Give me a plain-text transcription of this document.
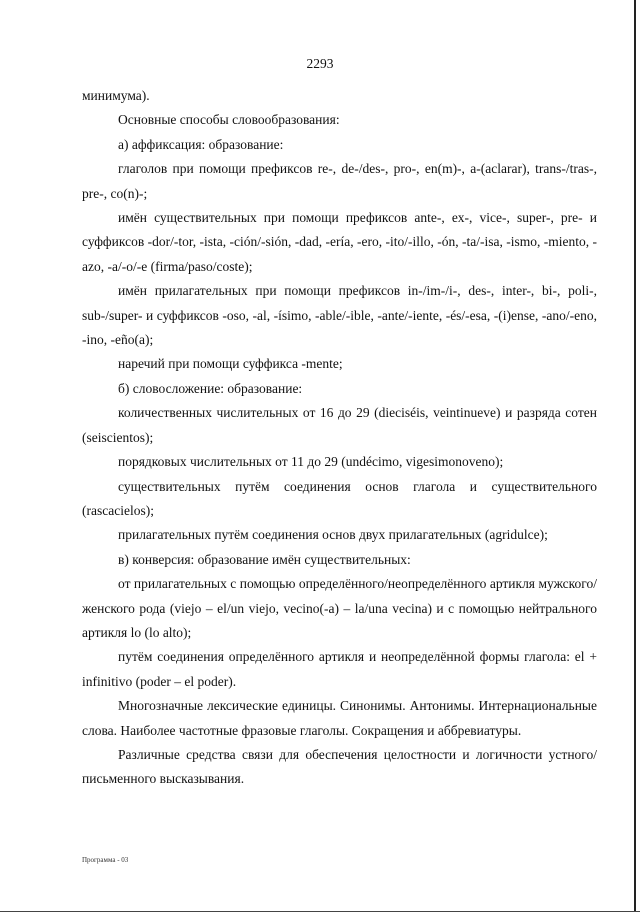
2293

минимума).

Основные способы словообразования:

а) аффиксация: образование:

глаголов при помощи префиксов re-, de-/des-, pro-, en(m)-, a-(aclarar), trans-/tras-, pre-, co(n)-;

имён существительных при помощи префиксов ante-, ex-, vice-, super-, pre- и суффиксов -dor/-tor, -ista, -ción/-sión, -dad, -ería, -ero, -ito/-illo, -ón, -ta/-isa, -ismo, -miento, -azo, -a/-o/-e (firma/paso/coste);

имён прилагательных при помощи префиксов in-/im-/i-, des-, inter-, bi-, poli-, sub-/super- и суффиксов -oso, -al, -ísimo, -able/-ible, -ante/-iente, -és/-esa, -(i)ense, -ano/-eno, -ino, -eño(a);

наречий при помощи суффикса -mente;

б) словосложение: образование:

количественных числительных от 16 до 29 (dieciséis, veintinueve) и разряда сотен (seiscientos);

порядковых числительных от 11 до 29 (undécimo, vigesimonoveno);

существительных путём соединения основ глагола и существительного (rascacielos);

прилагательных путём соединения основ двух прилагательных (agridulce);

в) конверсия: образование имён существительных:

от прилагательных с помощью определённого/неопределённого артикля мужского/женского рода (viejo – el/un viejo, vecino(-a) – la/una vecina) и с помощью нейтрального артикля lo (lo alto);

путём соединения определённого артикля и неопределённой формы глагола: el + infinitivo (poder – el poder).

Многозначные лексические единицы. Синонимы. Антонимы. Интернациональные слова. Наиболее частотные фразовые глаголы. Сокращения и аббревиатуры.

Различные средства связи для обеспечения целостности и логичности устного/письменного высказывания.

Программа - 03
